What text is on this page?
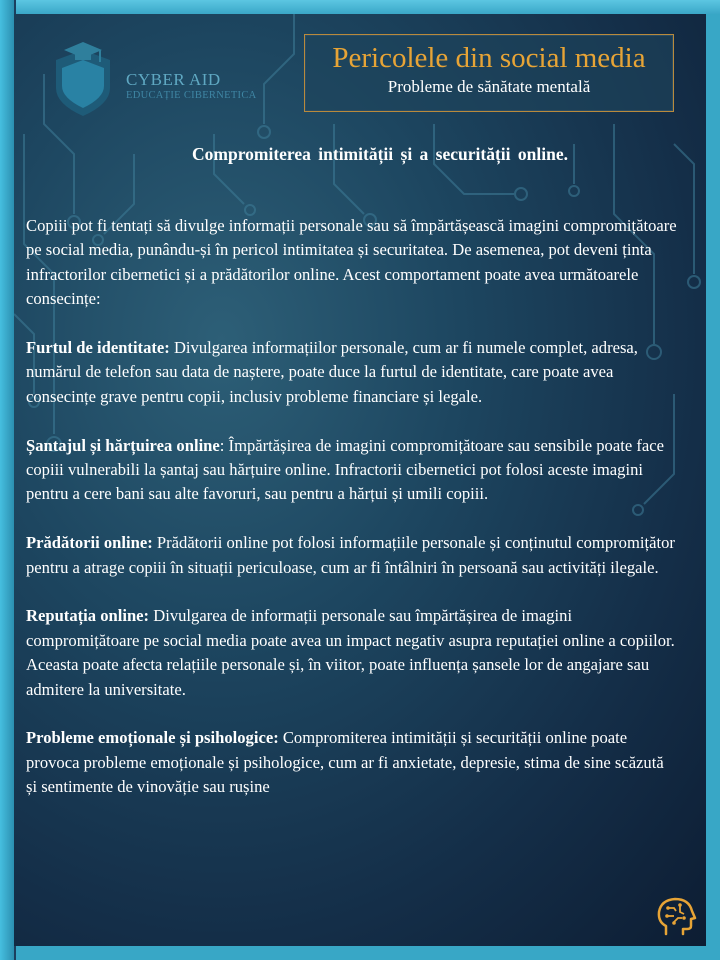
CYBER AID
EDUCAȚIE CIBERNETICA
Pericolele din social media
Probleme de sănătate mentală
Compromiterea intimității și a securității online.

Copiii pot fi tentați să divulge informații personale sau să împărtășească imagini compromițătoare pe social media, punându-și în pericol intimitatea și securitatea. De asemenea, pot deveni ținta infractorilor cibernetici și a prădătorilor online. Acest comportament poate avea următoarele consecințe:

Furtul de identitate: Divulgarea informațiilor personale, cum ar fi numele complet, adresa, numărul de telefon sau data de naștere, poate duce la furtul de identitate, care poate avea consecințe grave pentru copii, inclusiv probleme financiare și legale.

Șantajul și hărțuirea online: Împărtășirea de imagini compromițătoare sau sensibile poate face copiii vulnerabili la șantaj sau hărțuire online. Infractorii cibernetici pot folosi aceste imagini pentru a cere bani sau alte favoruri, sau pentru a hărțui și umili copiii.

Prădătorii online: Prădătorii online pot folosi informațiile personale și conținutul compromițător pentru a atrage copiii în situații periculoase, cum ar fi întâlniri în persoană sau activități ilegale.

Reputația online: Divulgarea de informații personale sau împărtășirea de imagini compromițătoare pe social media poate avea un impact negativ asupra reputației online a copiilor. Aceasta poate afecta relațiile personale și, în viitor, poate influența șansele lor de angajare sau admitere la universitate.

Probleme emoționale și psihologice: Compromiterea intimității și securității online poate provoca probleme emoționale și psihologice, cum ar fi anxietate, depresie, stima de sine scăzută și sentimente de vinovăție sau rușine
